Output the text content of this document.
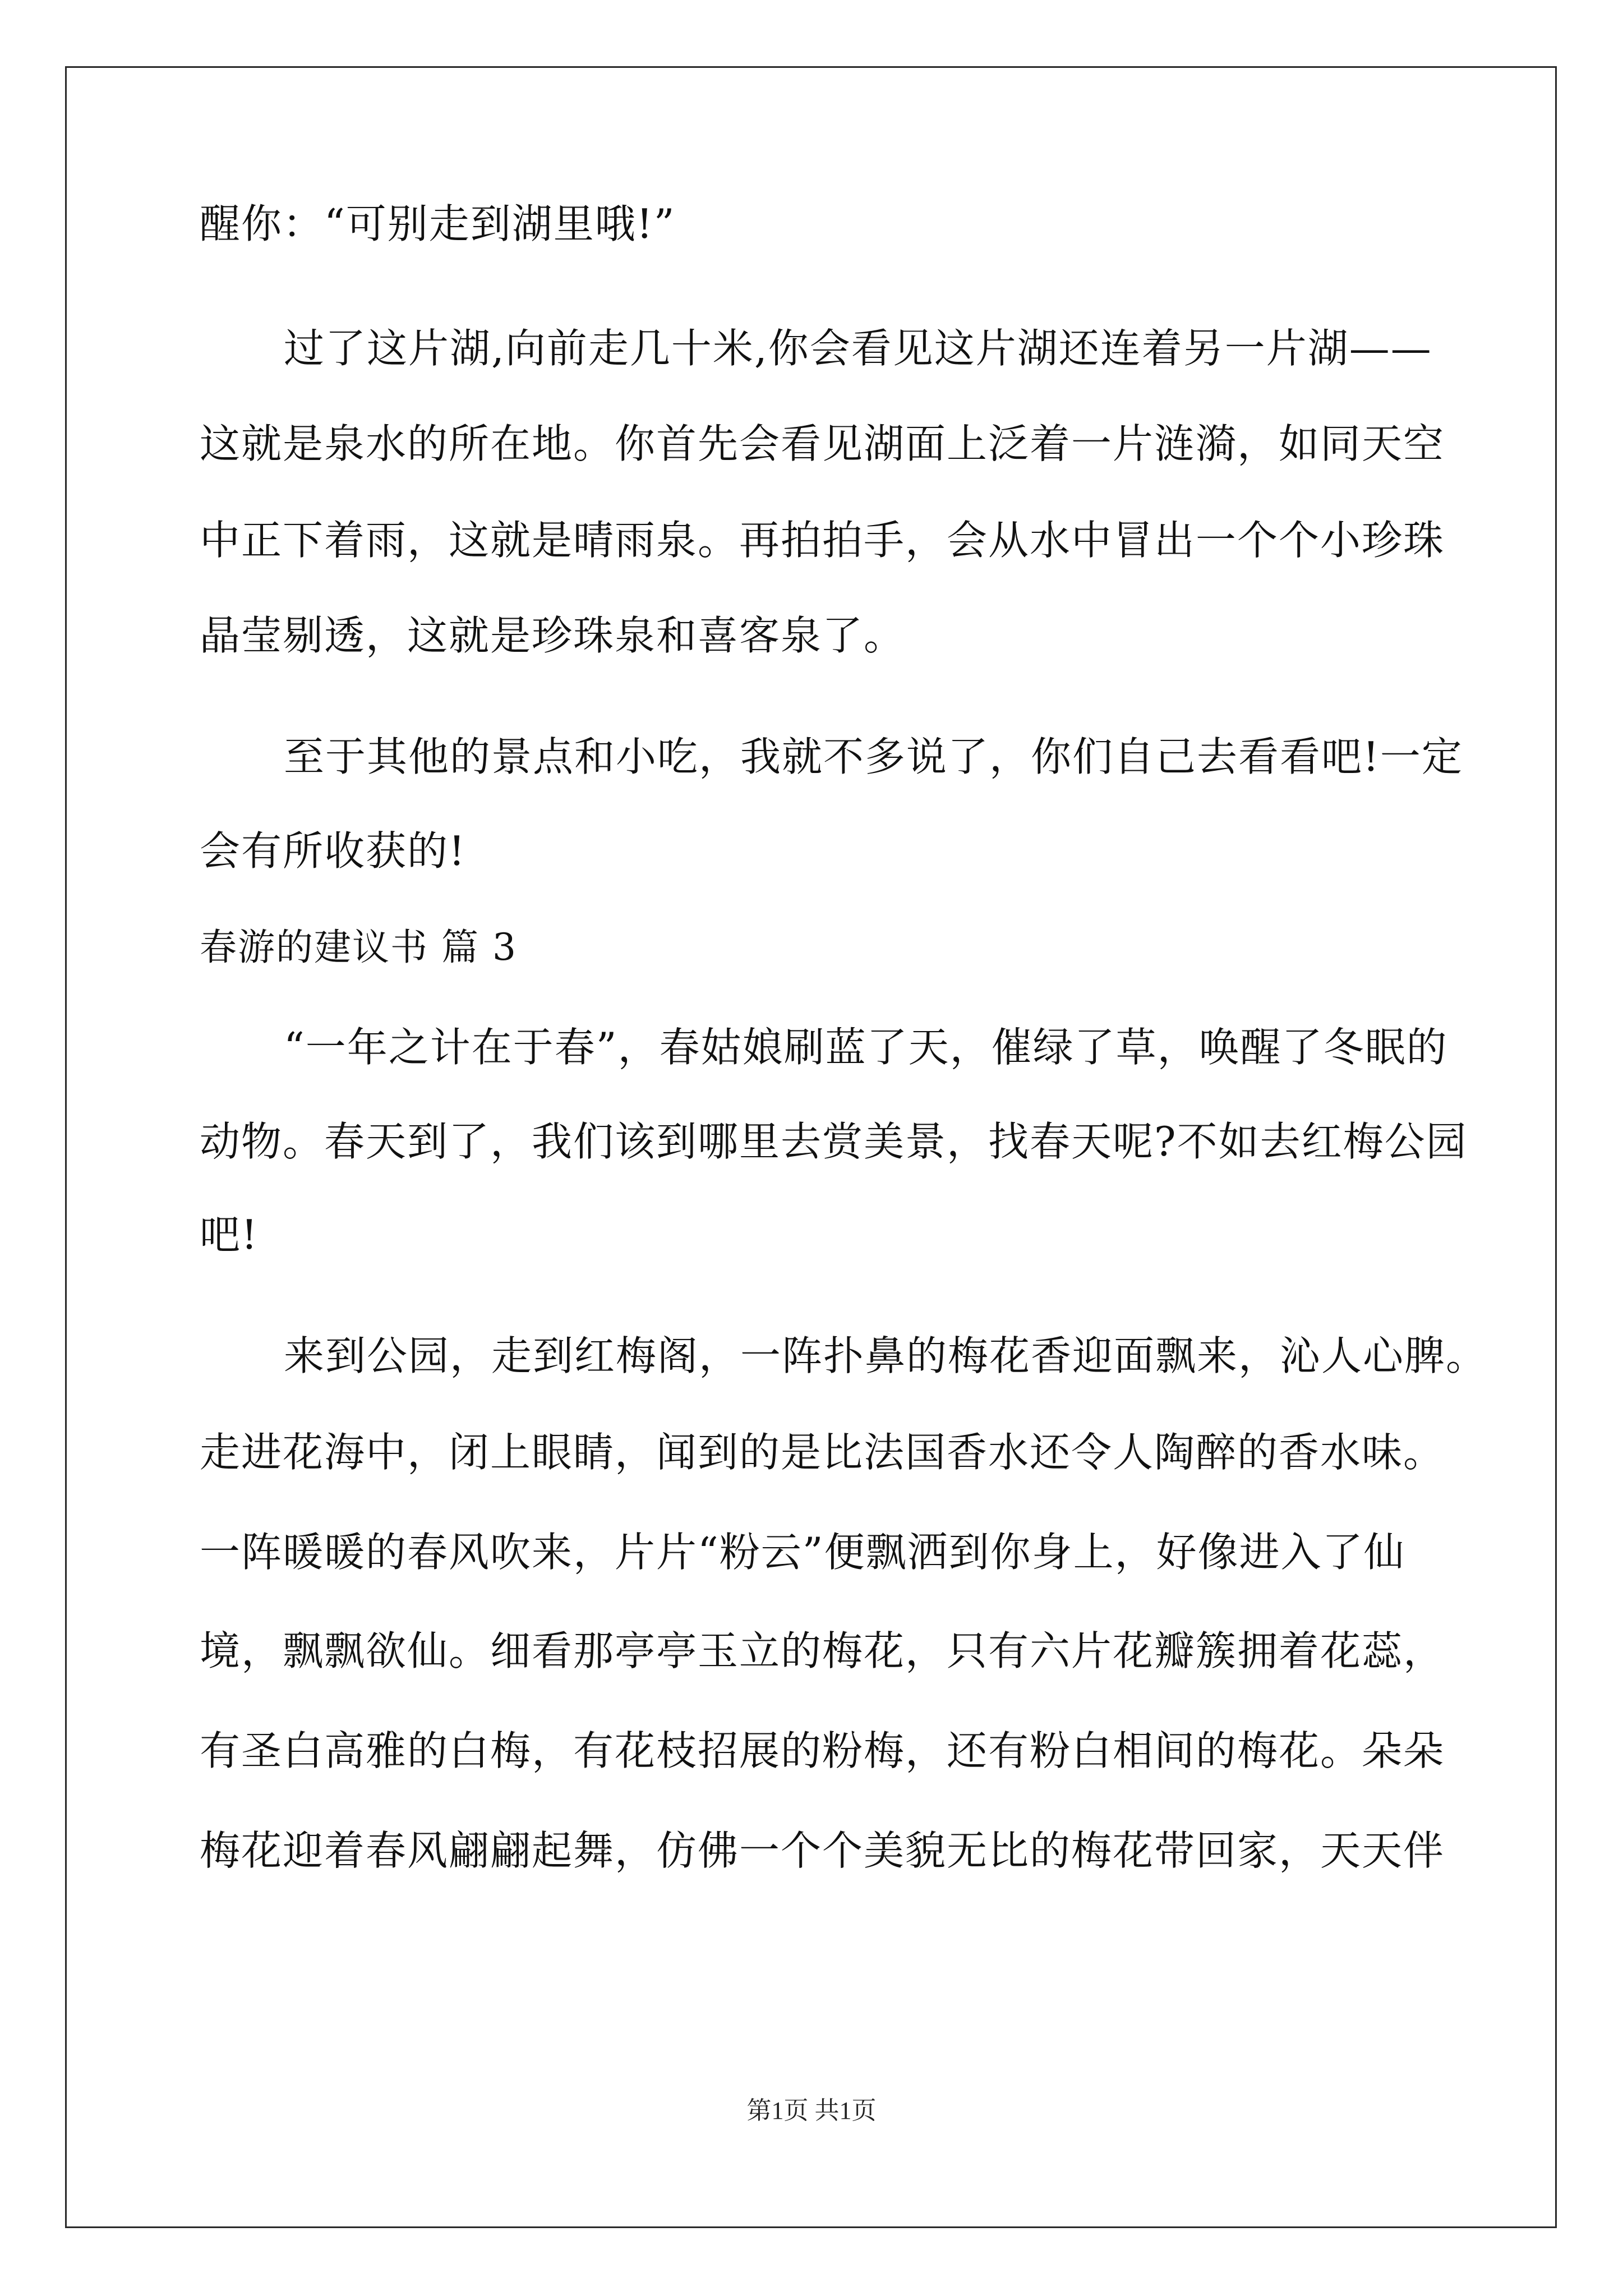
醒你：“可别走到湖里哦!”
过了这片湖,向前走几十米,你会看见这片湖还连着另一片湖——
这就是泉水的所在地。你首先会看见湖面上泛着一片涟漪，如同天空
中正下着雨，这就是晴雨泉。再拍拍手，会从水中冒出一个个小珍珠
晶莹剔透，这就是珍珠泉和喜客泉了。
至于其他的景点和小吃，我就不多说了，你们自己去看看吧!一定
会有所收获的!
春游的建议书 篇 3
“一年之计在于春”，春姑娘刷蓝了天，催绿了草，唤醒了冬眠的
动物。春天到了，我们该到哪里去赏美景，找春天呢?不如去红梅公园
吧!
来到公园，走到红梅阁，一阵扑鼻的梅花香迎面飘来，沁人心脾。
走进花海中，闭上眼睛，闻到的是比法国香水还令人陶醉的香水味。
一阵暖暖的春风吹来，片片“粉云”便飘洒到你身上，好像进入了仙
境，飘飘欲仙。细看那亭亭玉立的梅花，只有六片花瓣簇拥着花蕊，
有圣白高雅的白梅，有花枝招展的粉梅，还有粉白相间的梅花。朵朵
梅花迎着春风翩翩起舞，仿佛一个个美貌无比的梅花带回家，天天伴
第1页 共1页
